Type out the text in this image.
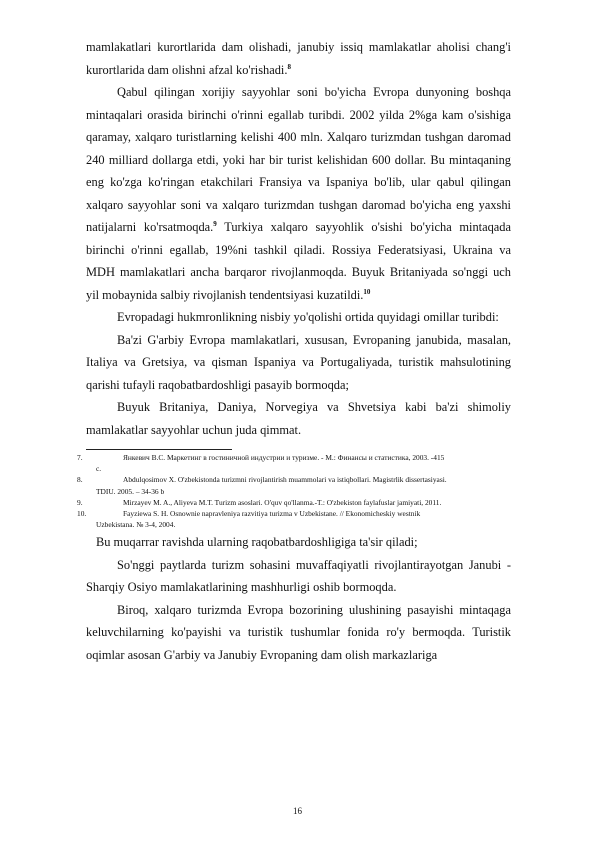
mamlakatlari kurortlarida dam olishadi, janubiy issiq mamlakatlar aholisi chang'i kurortlarida dam olishni afzal ko'rishadi.$^8$

Qabul qilingan xorijiy sayyohlar soni bo'yicha Evropa dunyoning boshqa mintaqalari orasida birinchi o'rinni egallab turibdi. 2002 yilda 2%ga kam o'sishiga qaramay, xalqaro turistlarning kelishi 400 mln. Xalqaro turizmdan tushgan daromad 240 milliard dollarga etdi, yoki har bir turist kelishidan 600 dollar. Bu mintaqaning eng ko'zga ko'ringan etakchilari Fransiya va Ispaniya bo'lib, ular qabul qilingan xalqaro sayyohlar soni va xalqaro turizmdan tushgan daromad bo'yicha eng yaxshi natijalarni ko'rsatmoqda.$^9$ Turkiya xalqaro sayyohlik o'sishi bo'yicha mintaqada birinchi o'rinni egallab, 19%ni tashkil qiladi. Rossiya Federatsiyasi, Ukraina va MDH mamlakatlari ancha barqaror rivojlanmoqda. Buyuk Britaniyada so'nggi uch yil mobaynida salbiy rivojlanish tendentsiyasi kuzatildi.$^{10}$

Evropadagi hukmronlikning nisbiy yo'qolishi ortida quyidagi omillar turibdi:

Ba'zi G'arbiy Evropa mamlakatlari, xususan, Evropaning janubida, masalan, Italiya va Gretsiya, va qisman Ispaniya va Portugaliyada, turistik mahsulotining qarishi tufayli raqobatbardoshligi pasayib bormoqda;

Buyuk Britaniya, Daniya, Norvegiya va Shvetsiya kabi ba'zi shimoliy mamlakatlar sayyohlar uchun juda qimmat.

7.	Янкевич В.С. Маркетинг в гостиничной индустрии и туризме. - М.: Финансы и статистика, 2003. -415
с.

8.	Abdulqosimov X. O'zbekistonda turizmni rivojlantirish muammolari va istiqbollari. Magistrlik dissertasiyasi.
TDIU. 2005. – 34-36 b

9.	Mirzayev M. A., Aliyeva M.T. Turizm asoslari. O'quv qo'llanma.-T.: O'zbekiston faylafuslar jamiyati, 2011.

10.	Fayziewa S. H. Osnownie napravleniya razvitiya turizma v Uzbekistane. // Ekonomicheskiy westnik
Uzbekistana. № 3-4, 2004.

Bu muqarrar ravishda ularning raqobatbardoshligiga ta'sir qiladi;

So'nggi paytlarda turizm sohasini muvaffaqiyatli rivojlantirayotgan Janubi - Sharqiy Osiyo mamlakatlarining mashhurligi oshib bormoqda.

Biroq, xalqaro turizmda Evropa bozorining ulushining pasayishi mintaqaga keluvchilarning ko'payishi va turistik tushumlar fonida ro'y bermoqda. Turistik oqimlar asosan G'arbiy va Janubiy Evropaning dam olish markazlariga

16
